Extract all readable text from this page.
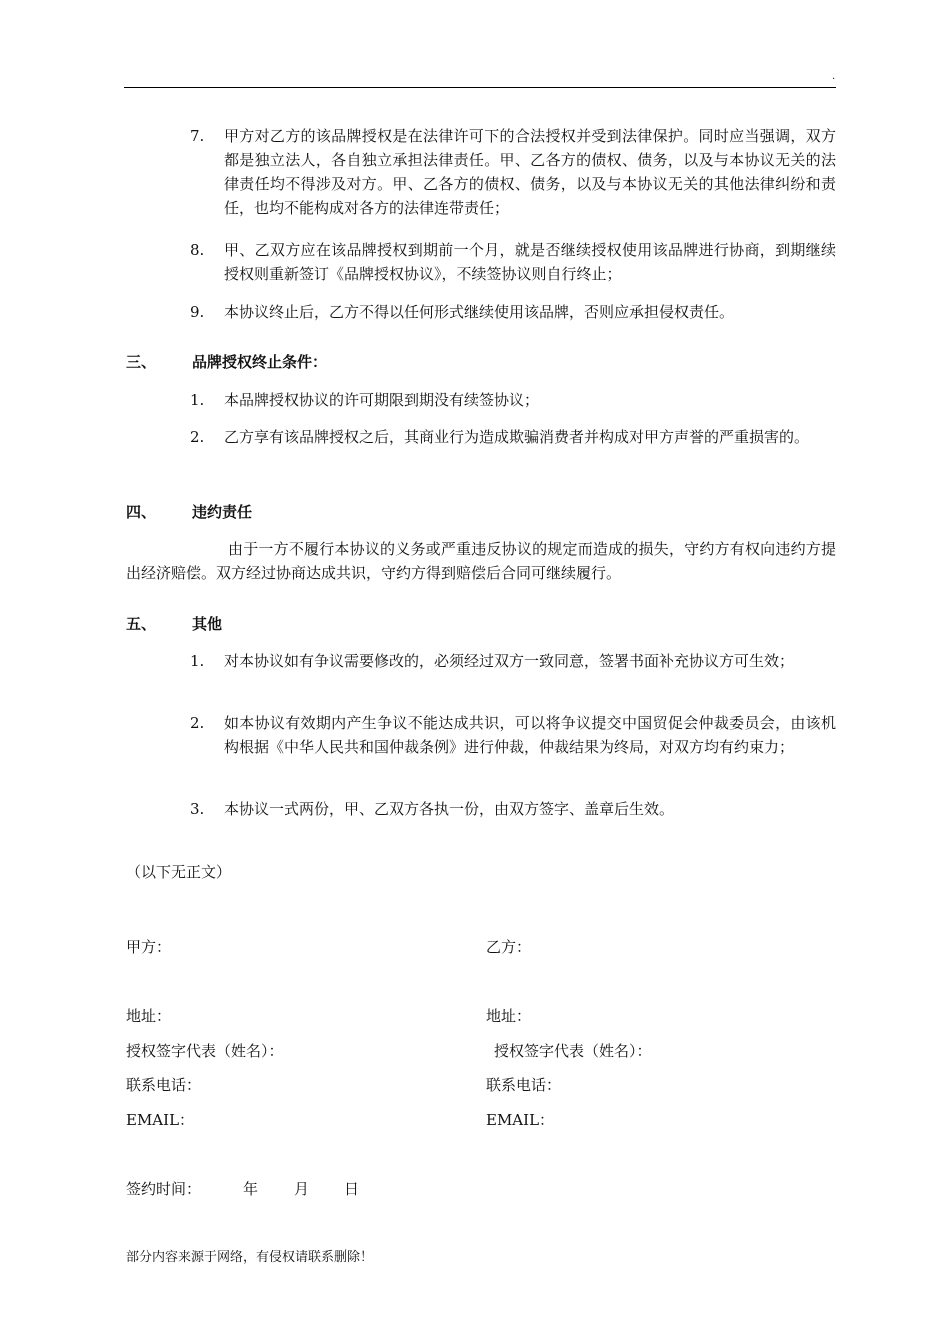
.
7.	甲方对乙方的该品牌授权是在法律许可下的合法授权并受到法律保护。同时应当强调，双方都是独立法人，各自独立承担法律责任。甲、乙各方的债权、债务，以及与本协议无关的法律责任均不得涉及对方。甲、乙各方的债权、债务，以及与本协议无关的其他法律纠纷和责任，也均不能构成对各方的法律连带责任；
8.	甲、乙双方应在该品牌授权到期前一个月，就是否继续授权使用该品牌进行协商，到期继续授权则重新签订《品牌授权协议》，不续签协议则自行终止；
9.	本协议终止后，乙方不得以任何形式继续使用该品牌，否则应承担侵权责任。
三、 品牌授权终止条件：
1.	本品牌授权协议的许可期限到期没有续签协议；
2.	乙方享有该品牌授权之后，其商业行为造成欺骗消费者并构成对甲方声誉的严重损害的。
四、 违约责任
由于一方不履行本协议的义务或严重违反协议的规定而造成的损失，守约方有权向违约方提出经济赔偿。双方经过协商达成共识，守约方得到赔偿后合同可继续履行。
五、 其他
1.	对本协议如有争议需要修改的，必须经过双方一致同意，签署书面补充协议方可生效；
2.	如本协议有效期内产生争议不能达成共识，可以将争议提交中国贸促会仲裁委员会，由该机构根据《中华人民共和国仲裁条例》进行仲裁，仲裁结果为终局，对双方均有约束力；
3.	本协议一式两份，甲、乙双方各执一份，由双方签字、盖章后生效。
（以下无正文）
甲方：
地址：
授权签字代表（姓名）：
联系电话：
EMAIL：
乙方：
地址：
授权签字代表（姓名）：
联系电话：
EMAIL：
签约时间：	年 月 日
部分内容来源于网络，有侵权请联系删除！
